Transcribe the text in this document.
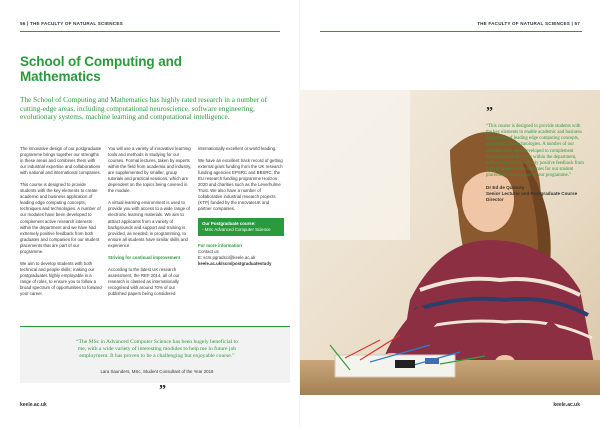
56 | THE FACULTY OF NATURAL SCIENCES
School of Computing and Mathematics
The School of Computing and Mathematics has highly rated research in a number of cutting-edge areas, including computational neuroscience, software engineering, evolutionary systems, machine learning and computational intelligence.

The innovative design of our postgraduate programme brings together our strengths in these areas and combines them with our industrial expertise and collaborations with national and international companies.

This course is designed to provide students with the key elements to create academic and business application of leading edge computing concepts, techniques and technologies. A number of our modules have been developed to complement active research interests within the department and we have had extremely positive feedback from both graduates and companies for our student placements that are part of our programme.

We aim to develop students with both technical and people skills; making our postgraduates highly employable in a range of roles, to ensure you to follow a broad spectrum of opportunities to forward your career.

You will use a variety of innovative learning tools and methods in studying for our courses. Formal lectures, taken by experts within the field from academia and industry, are supplemented by smaller, group tutorials and practical sessions, which are dependent on the topics being covered in the module.

A virtual learning environment is used to provide you with access to a wide range of electronic learning materials. We aim to attract applicants from a variety of backgrounds and support and training is provided, as needed, in programming, to ensure all students have similar skills and experience.

Striving for continual improvement

According to the latest UK research assessment, the REF 2014, all of our research is classed as internationally recognised with around 70% of our published papers being considered

internationally excellent or world leading.

We have an excellent track record of getting external grant funding from the UK research funding agencies EPSRC and BBSRC, the EU research funding programme Horizon 2020 and charities such as the Leverhulme Trust. We also have a number of collaborative industrial research projects (KTP) funded by the InnovateUK and partner companies.

Our Postgraduate course:
- MSc Advanced Computer Science

For more information

Contact us
E: scm.pgradsci@keele.ac.uk
keele.ac.uk/scm/postgraduatestudy
“The MSc in Advanced Computer Science has been hugely beneficial to me, with a wide variety of interesting modules to help me in future job employment. It has proven to be a challenging but enjoyable course.”
Lara Saunders, MSc, Student Consultant of the Year 2016
”
keele.ac.uk
THE FACULTY OF NATURAL SCIENCES | 57
keele.ac.uk
”
“This course is designed to provide students with the key elements to enable academic and business application of leading edge computing concepts, techniques and technologies. A number of our modules have been developed to complement active research interests within the department, and we have had extremely positive feedback from both graduates and companies for our student placements that are part of our programme.”
Dr Ed de Quincey
Senior Lecturer and Postgraduate Course Director
